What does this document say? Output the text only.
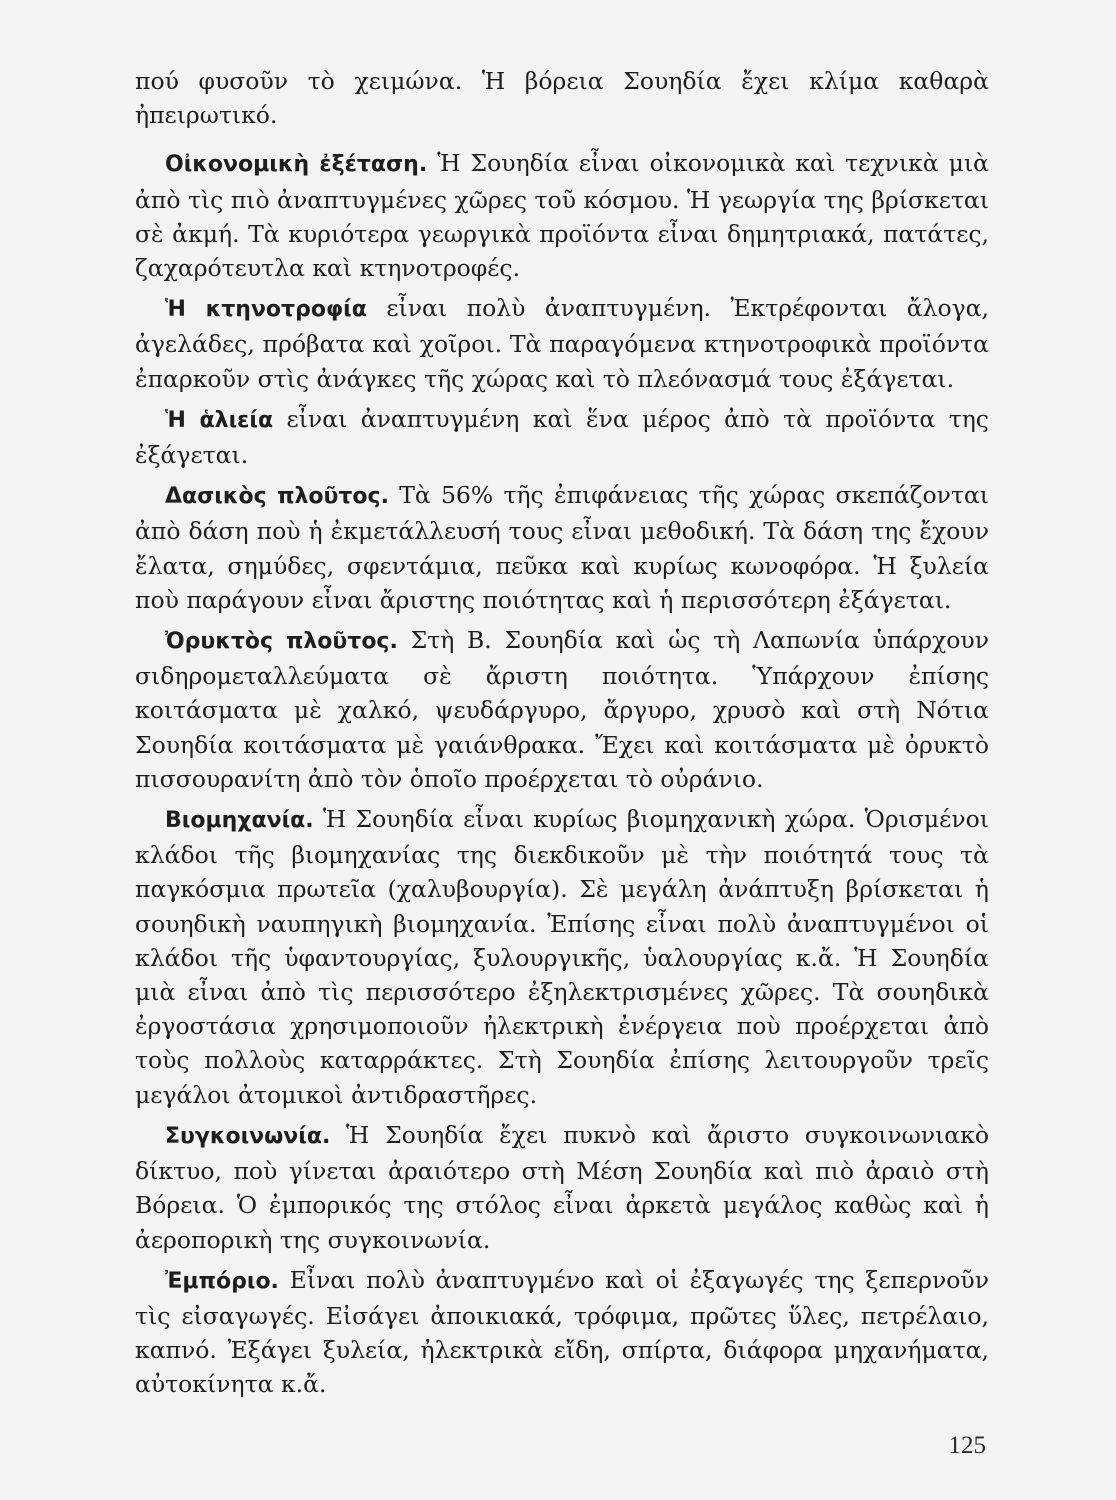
πού φυσοῦν τὸ χειμώνα. Ἡ βόρεια Σουηδία ἔχει κλίμα καθαρὰ ἠπειρωτικό.

Οἰκονομικὴ ἐξέταση. Ἡ Σουηδία εἶναι οἰκονομικὰ καὶ τεχνικὰ μιὰ ἀπὸ τὶς πιὸ ἀναπτυγμένες χῶρες τοῦ κόσμου. Ἡ γεωργία της βρίσκεται σὲ ἀκμή. Τὰ κυριότερα γεωργικὰ προϊόντα εἶναι δημητριακά, πατάτες, ζαχαρότευτλα καὶ κτηνοτροφές.

Ἡ κτηνοτροφία εἶναι πολὺ ἀναπτυγμένη. Ἐκτρέφονται ἄλογα, ἀγελάδες, πρόβατα καὶ χοῖροι. Τὰ παραγόμενα κτηνοτροφικὰ προϊόντα ἐπαρκοῦν στὶς ἀνάγκες τῆς χώρας καὶ τὸ πλεόνασμά τους ἐξάγεται.

Ἡ ἁλιεία εἶναι ἀναπτυγμένη καὶ ἕνα μέρος ἀπὸ τὰ προϊόντα της ἐξάγεται.

Δασικὸς πλοῦτος. Τὰ 56% τῆς ἐπιφάνειας τῆς χώρας σκεπάζονται ἀπὸ δάση ποὺ ἡ ἐκμετάλλευσή τους εἶναι μεθοδική. Τὰ δάση της ἔχουν ἔλατα, σημύδες, σφεντάμια, πεῦκα καὶ κυρίως κωνοφόρα. Ἡ ξυλεία ποὺ παράγουν εἶναι ἄριστης ποιότητας καὶ ἡ περισσότερη ἐξάγεται.

Ὀρυκτὸς πλοῦτος. Στὴ Β. Σουηδία καὶ ὡς τὴ Λαπωνία ὑπάρχουν σιδηρομεταλλεύματα σὲ ἄριστη ποιότητα. Ὑπάρχουν ἐπίσης κοιτάσματα μὲ χαλκό, ψευδάργυρο, ἄργυρο, χρυσὸ καὶ στὴ Νότια Σουηδία κοιτάσματα μὲ γαιάνθρακα. Ἔχει καὶ κοιτάσματα μὲ ὀρυκτὸ πισσουρανίτη ἀπὸ τὸν ὁποῖο προέρχεται τὸ οὐράνιο.

Βιομηχανία. Ἡ Σουηδία εἶναι κυρίως βιομηχανικὴ χώρα. Ὁρισμένοι κλάδοι τῆς βιομηχανίας της διεκδικοῦν μὲ τὴν ποιότητά τους τὰ παγκόσμια πρωτεῖα (χαλυβουργία). Σὲ μεγάλη ἀνάπτυξη βρίσκεται ἡ σουηδικὴ ναυπηγικὴ βιομηχανία. Ἐπίσης εἶναι πολὺ ἀναπτυγμένοι οἱ κλάδοι τῆς ὑφαντουργίας, ξυλουργικῆς, ὑαλουργίας κ.ἄ. Ἡ Σουηδία μιὰ εἶναι ἀπὸ τὶς περισσότερο ἐξηλεκτρισμένες χῶρες. Τὰ σουηδικὰ ἐργοστάσια χρησιμοποιοῦν ἠλεκτρικὴ ἐνέργεια ποὺ προέρχεται ἀπὸ τοὺς πολλοὺς καταρράκτες. Στὴ Σουηδία ἐπίσης λειτουργοῦν τρεῖς μεγάλοι ἀτομικοὶ ἀντιδραστῆρες.

Συγκοινωνία. Ἡ Σουηδία ἔχει πυκνὸ καὶ ἄριστο συγκοινωνιακὸ δίκτυο, ποὺ γίνεται ἀραιότερο στὴ Μέση Σουηδία καὶ πιὸ ἀραιὸ στὴ Βόρεια. Ὁ ἐμπορικός της στόλος εἶναι ἀρκετὰ μεγάλος καθὼς καὶ ἡ ἀεροπορικὴ της συγκοινωνία.

Ἐμπόριο. Εἶναι πολὺ ἀναπτυγμένο καὶ οἱ ἐξαγωγές της ξεπερνοῦν τὶς εἰσαγωγές. Εἰσάγει ἀποικιακά, τρόφιμα, πρῶτες ὕλες, πετρέλαιο, καπνό. Ἐξάγει ξυλεία, ἠλεκτρικὰ εἴδη, σπίρτα, διάφορα μηχανήματα, αὐτοκίνητα κ.ἄ.

125
